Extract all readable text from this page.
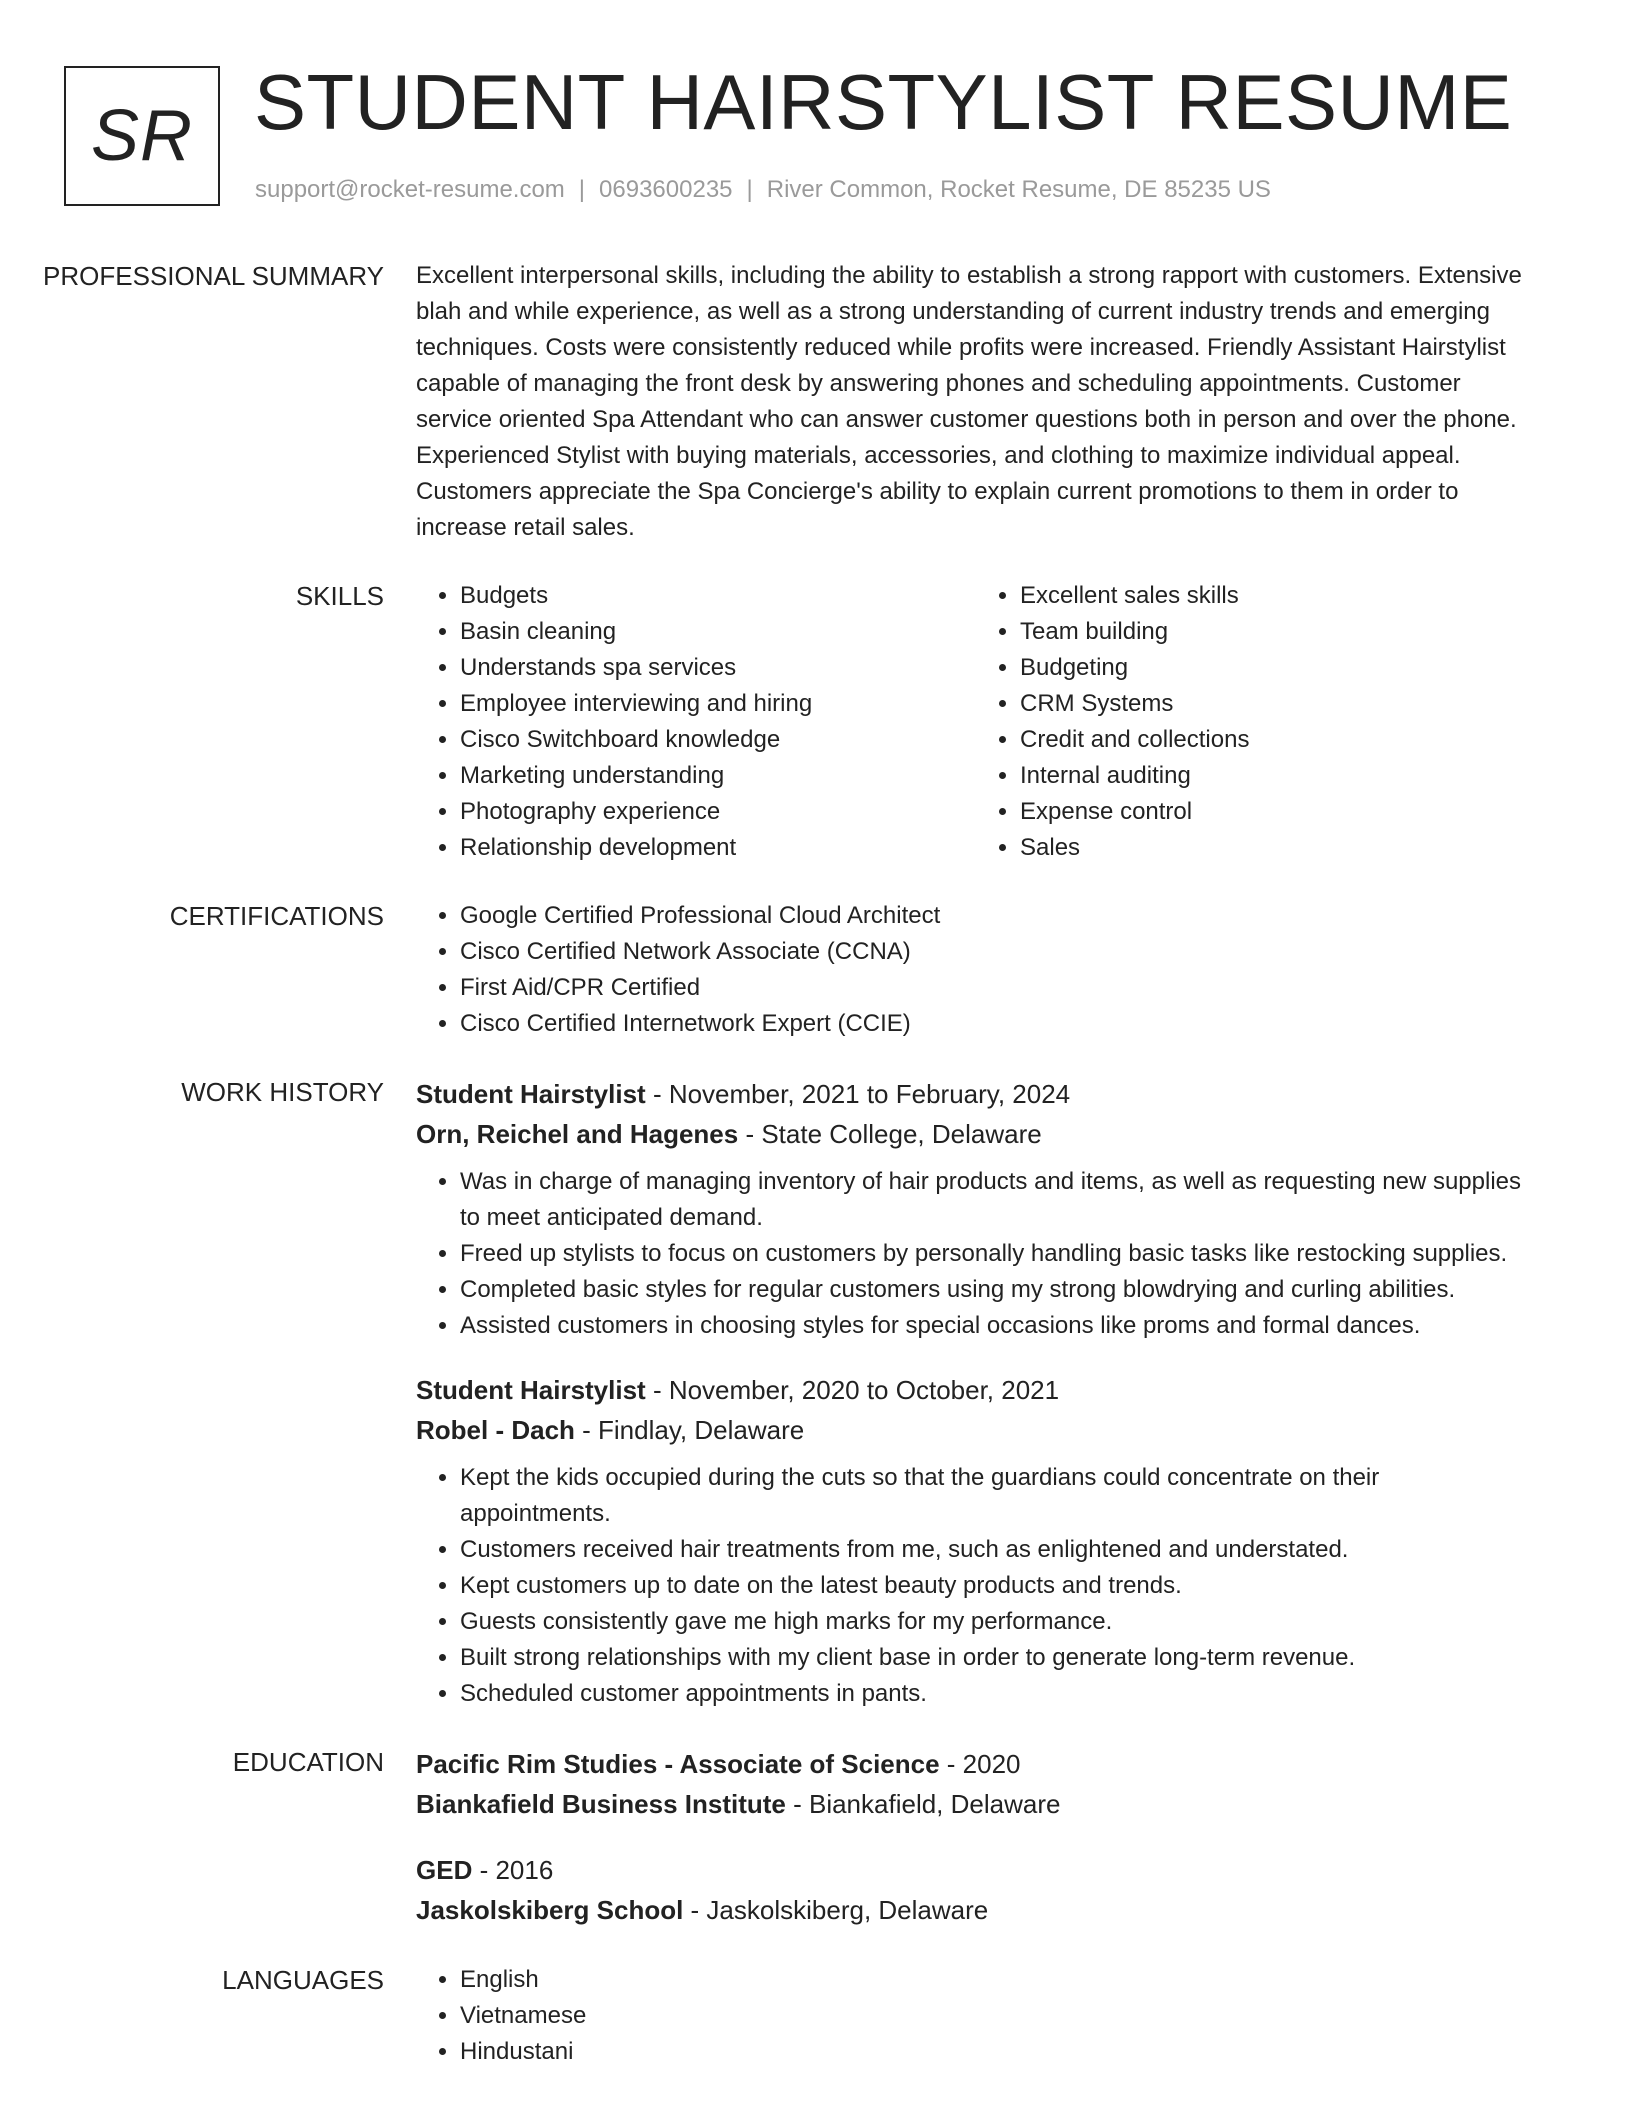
SR STUDENT HAIRSTYLIST RESUME
support@rocket-resume.com | 0693600235 | River Common, Rocket Resume, DE 85235 US
PROFESSIONAL SUMMARY	Excellent interpersonal skills, including the ability to establish a strong rapport with customers. Extensive blah and while experience, as well as a strong understanding of current industry trends and emerging techniques. Costs were consistently reduced while profits were increased. Friendly Assistant Hairstylist capable of managing the front desk by answering phones and scheduling appointments. Customer service oriented Spa Attendant who can answer customer questions both in person and over the phone. Experienced Stylist with buying materials, accessories, and clothing to maximize individual appeal. Customers appreciate the Spa Concierge's ability to explain current promotions to them in order to increase retail sales.

SKILLS	• Budgets
• Basin cleaning
• Understands spa services
• Employee interviewing and hiring
• Cisco Switchboard knowledge
• Marketing understanding
• Photography experience
• Relationship development
• Excellent sales skills
• Team building
• Budgeting
• CRM Systems
• Credit and collections
• Internal auditing
• Expense control
• Sales
CERTIFICATIONS	• Google Certified Professional Cloud Architect
• Cisco Certified Network Associate (CCNA)
• First Aid/CPR Certified
• Cisco Certified Internetwork Expert (CCIE)
WORK HISTORY	Student Hairstylist - November, 2021 to February, 2024
Orn, Reichel and Hagenes - State College, Delaware
• Was in charge of managing inventory of hair products and items, as well as requesting new supplies to meet anticipated demand.
• Freed up stylists to focus on customers by personally handling basic tasks like restocking supplies.
• Completed basic styles for regular customers using my strong blowdrying and curling abilities.
• Assisted customers in choosing styles for special occasions like proms and formal dances.
Student Hairstylist - November, 2020 to October, 2021
Robel - Dach - Findlay, Delaware
• Kept the kids occupied during the cuts so that the guardians could concentrate on their appointments.
• Customers received hair treatments from me, such as enlightened and understated.
• Kept customers up to date on the latest beauty products and trends.
• Guests consistently gave me high marks for my performance.
• Built strong relationships with my client base in order to generate long-term revenue.
• Scheduled customer appointments in pants.
EDUCATION	Pacific Rim Studies - Associate of Science - 2020
Biankafield Business Institute - Biankafield, Delaware
GED - 2016
Jaskolskiberg School - Jaskolskiberg, Delaware
LANGUAGES	• English
• Vietnamese
• Hindustani
